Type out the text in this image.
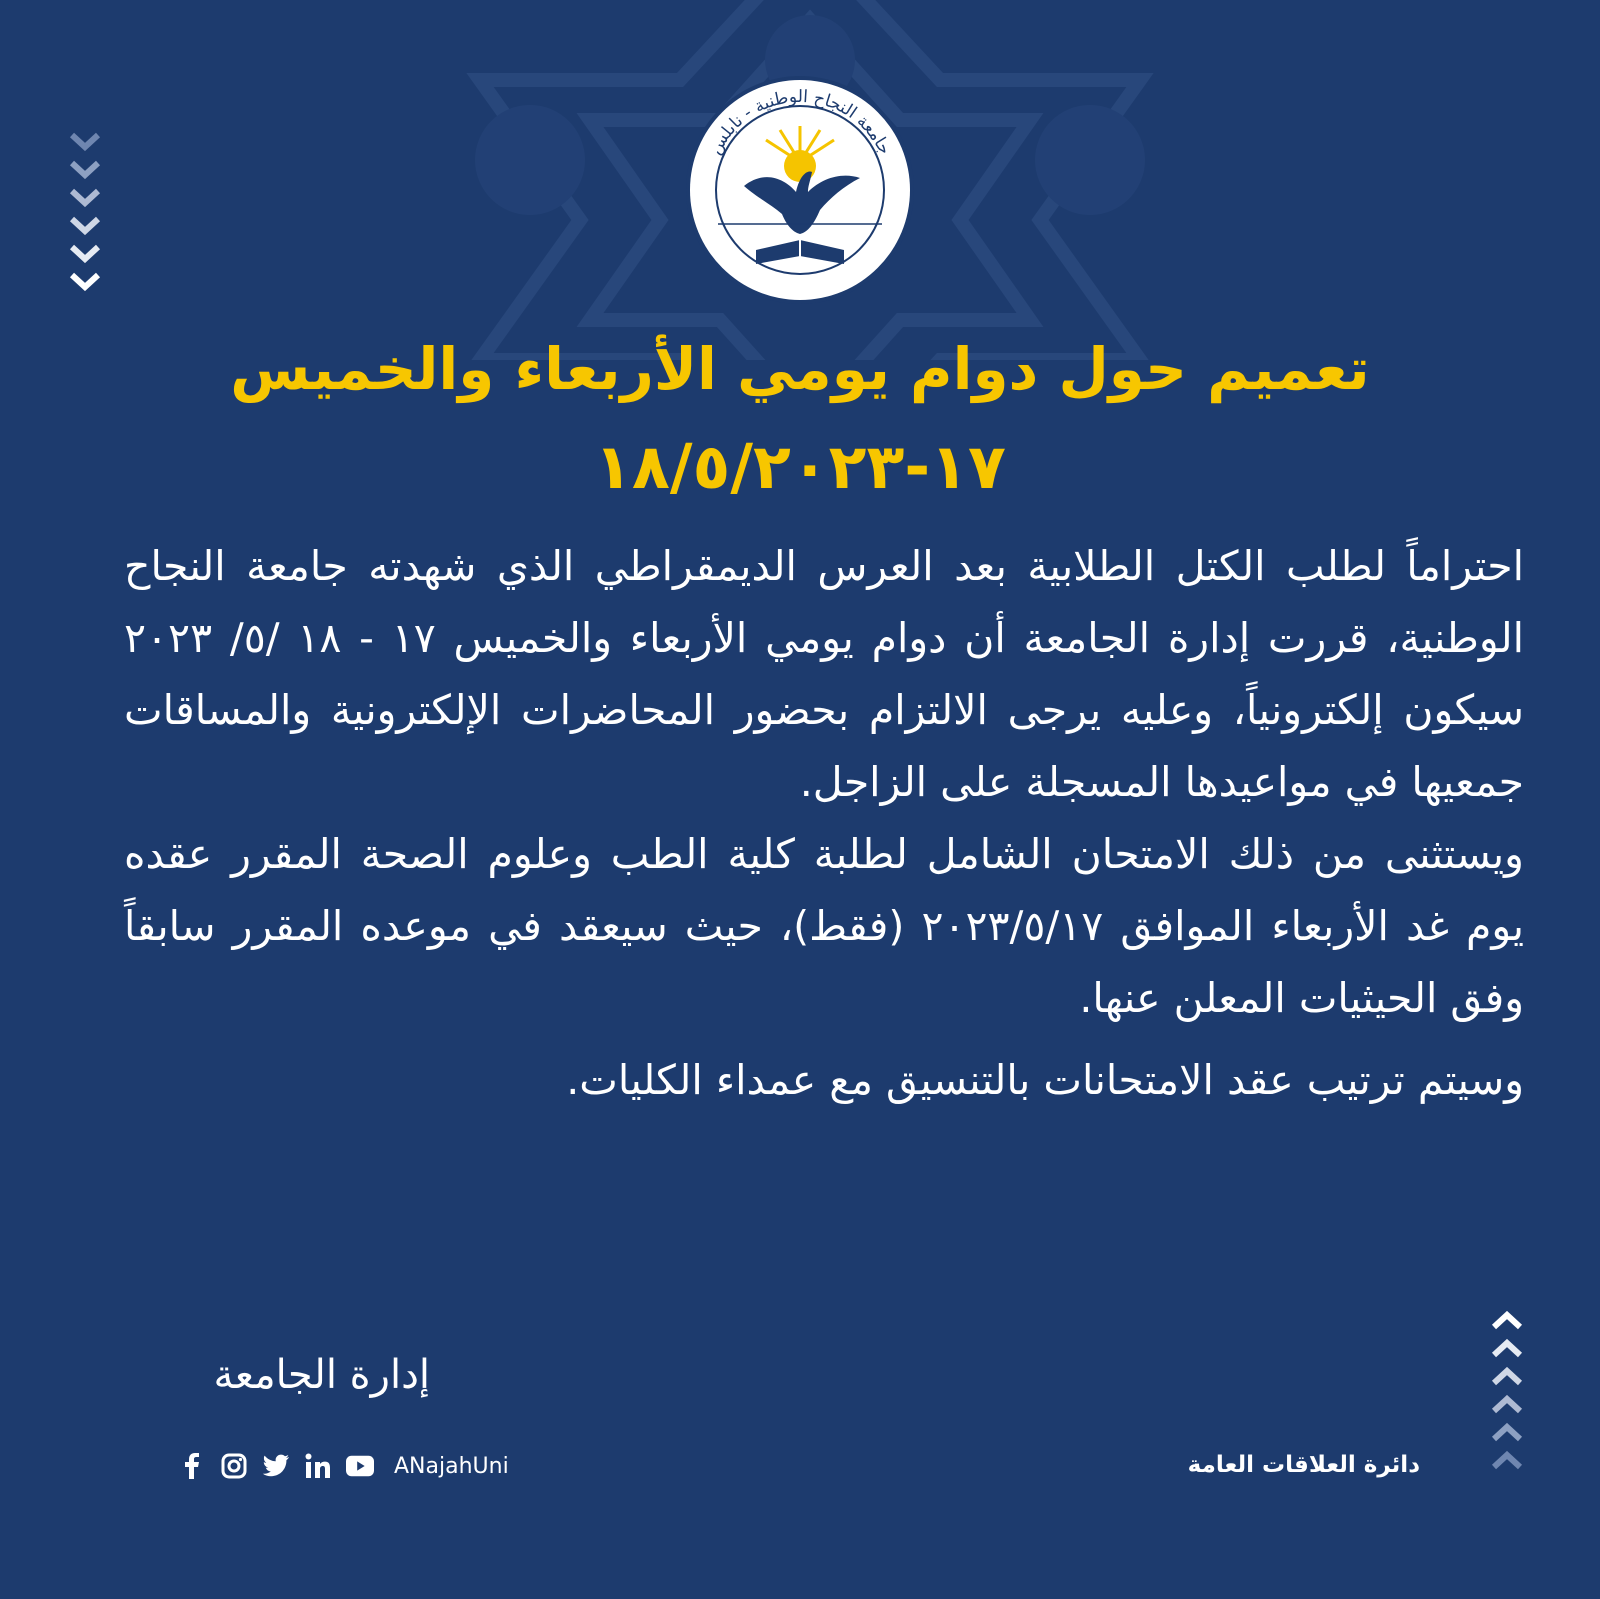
جامعة النجاح الوطنية - نابلس
تعميم حول دوام يومي الأربعاء والخميس
١٧-١٨/٥/٢٠٢٣

احتراماً لطلب الكتل الطلابية بعد العرس الديمقراطي الذي شهدته جامعة النجاح الوطنية، قررت إدارة الجامعة أن دوام يومي الأربعاء والخميس ١٧ - ١٨ /٥/ ٢٠٢٣ سيكون إلكترونياً، وعليه يرجى الالتزام بحضور المحاضرات الإلكترونية والمساقات جمعيها في مواعيدها المسجلة على الزاجل.

ويستثنى من ذلك الامتحان الشامل لطلبة كلية الطب وعلوم الصحة المقرر عقده يوم غد الأربعاء الموافق ٢٠٢٣/٥/١٧ (فقط)، حيث سيعقد في موعده المقرر سابقاً وفق الحيثيات المعلن عنها.

وسيتم ترتيب عقد الامتحانات بالتنسيق مع عمداء الكليات.

إدارة الجامعة
ANajahUni	دائرة العلاقات العامة
